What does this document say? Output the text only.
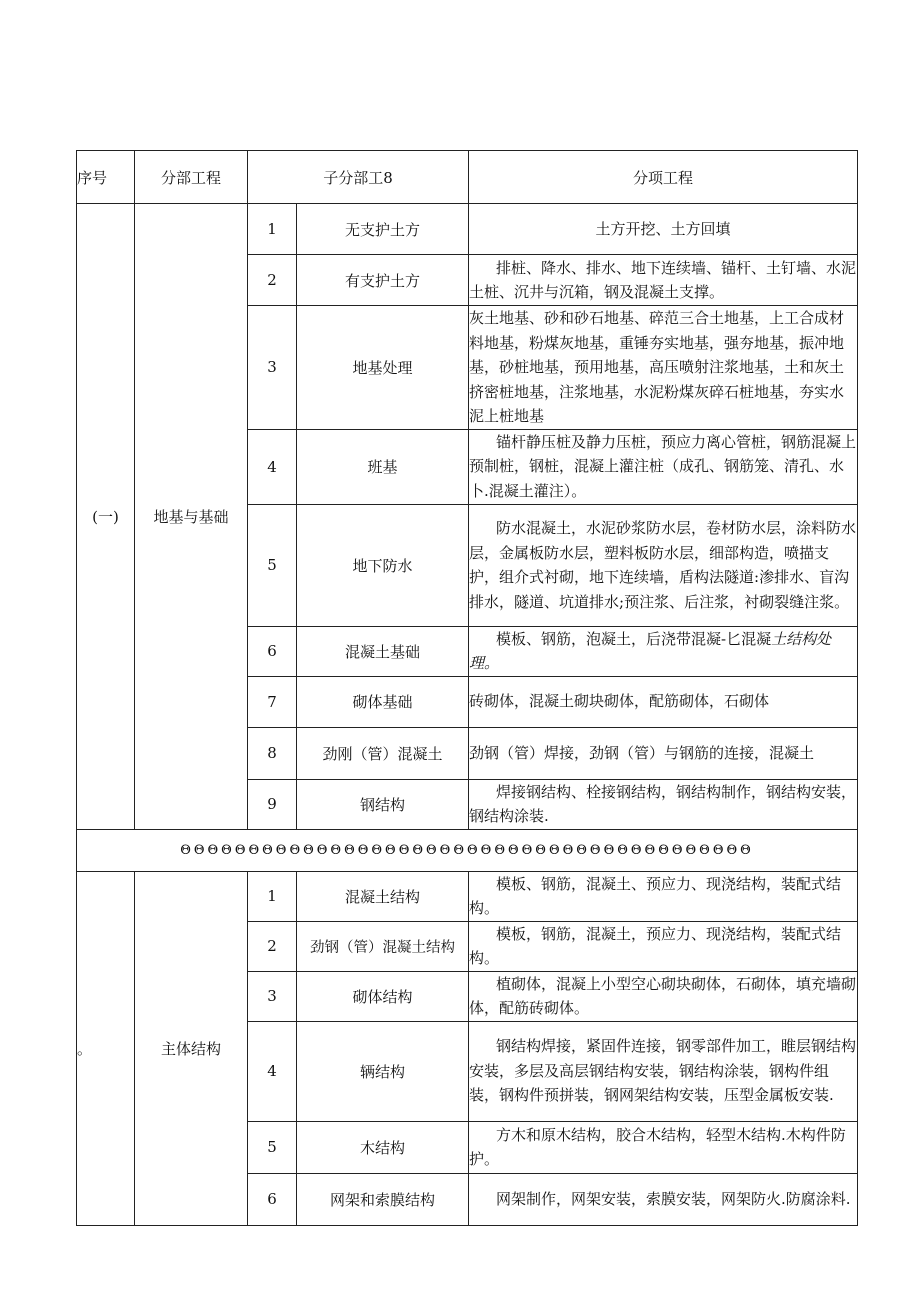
序号	分部工程	子分部工8		分项工程
(一)	地基与基础	1	无支护土方	土方开挖、土方回填
		2	有支护土方	排桩、降水、排水、地下连续墙、锚杆、土钉墙、水泥土桩、沉井与沉箱，钢及混凝土支撑。
		3	地基处理	灰土地基、砂和砂石地基、碎范三合土地基，上工合成材料地基，粉煤灰地基，重锤夯实地基，强夯地基，振冲地基，砂桩地基，预用地基，高压喷射注浆地基，土和灰土挤密桩地基，注浆地基，水泥粉煤灰碎石桩地基，夯实水泥上桩地基
		4	班基	锚杆静压桩及静力压桩，预应力离心管桩，钢筋混凝上预制桩，钢桩，混凝上灌注桩（成孔、钢筋笼、清孔、水卜.混凝土灌注）。
		5	地下防水	防水混凝土，水泥砂浆防水层，卷材防水层，涂料防水层，金属板防水层，塑料板防水层，细部构造，喷描支护，组介式衬砌，地下连续墙，盾构法隧道:渗排水、盲沟排水，隧道、坑道排水;预注浆、后注浆，衬砌裂缝注浆。
		6	混凝土基础	模板、钢筋，泡凝土，后浇带混凝-匕混凝土结构处理。
		7	砌体基础	砖砌体，混凝土砌块砌体，配筋砌体，石砌体
		8	劲刚（管）混凝土	劲钢（管）焊接，劲钢（管）与钢筋的连接，混凝土
		9	钢结构	焊接钢结构、栓接钢结构，钢结构制作，钢结构安装，钢结构涂装.
ΘΘΘΘΘΘΘΘΘΘΘΘΘΘΘΘΘΘΘΘΘΘΘΘΘΘΘΘΘΘΘΘΘΘΘΘΘΘΘΘΘΘ				
。	主体结构	1	混凝土结构	模板、钢筋，混凝土、预应力、现浇结构，装配式结构。
		2	劲钢（管）混凝土结构	模板，钢筋，混凝土，预应力、现浇结构，装配式结构。
		3	砌体结构	植砌体，混凝上小型空心砌块砌体，石砌体，填充墙砌体，配筋砖砌体。
		4	辆结构	钢结构焊接，紧固件连接，钢零部件加工，睢层钢结构安装，多层及高层钢结构安装，钢结构涂装，钢构件组装，钢构件预拼装，钢网架结构安装，压型金属板安装.
		5	木结构	方木和原木结构，胶合木结构，轻型木结构.木构件防护。
		6	网架和索膜结构	网架制作，网架安装，索膜安装，网架防火.防腐涂料.
